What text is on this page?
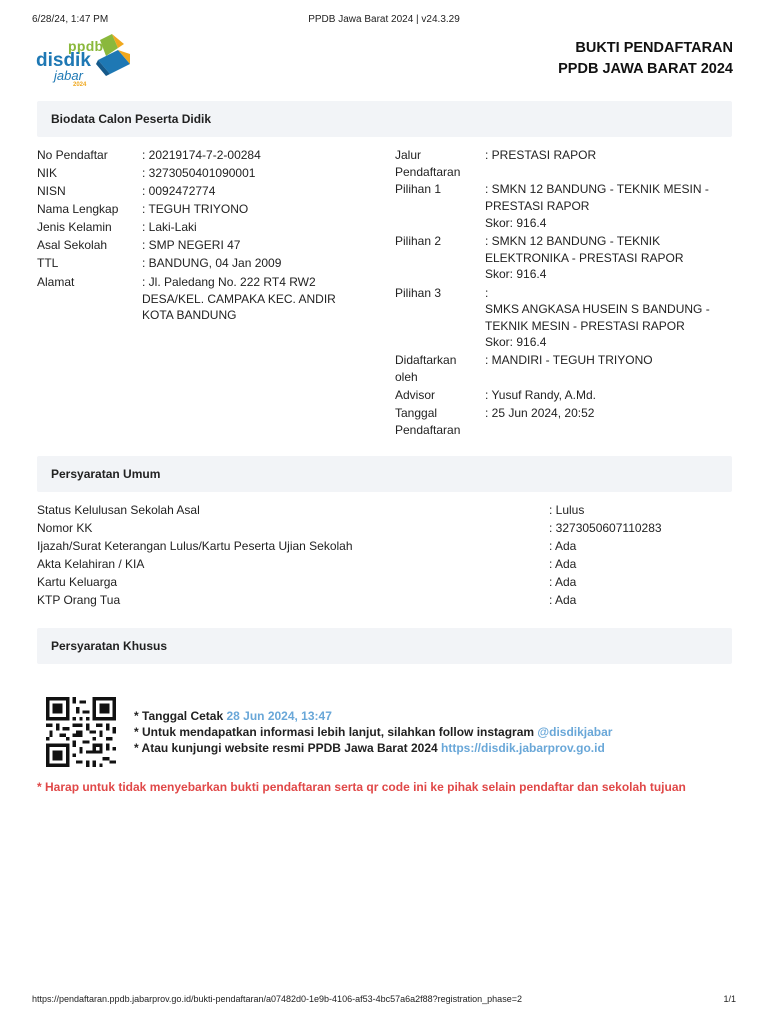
6/28/24, 1:47 PM	PPDB Jawa Barat 2024 | v24.3.29
ppdb
disdik
jabar
2024
BUKTI PENDAFTARAN
PPDB JAWA BARAT 2024
Biodata Calon Peserta Didik
No Pendaftar	: 20219174-7-2-00284
NIK	: 3273050401090001
NISN	: 0092472774
Nama Lengkap : TEGUH TRIYONO
Jenis Kelamin	: Laki-Laki
Asal Sekolah	: SMP NEGERI 47
TTL	: BANDUNG, 04 Jan 2009
Alamat	: Jl. Paledang No. 222 RT4 RW2
DESA/KEL. CAMPAKA KEC. ANDIR
KOTA BANDUNG
Jalur
Pendaftaran
: PRESTASI RAPOR
Pilihan 1	: SMKN 12 BANDUNG - TEKNIK MESIN -
PRESTASI RAPOR
Skor: 916.4
Pilihan 2	: SMKN 12 BANDUNG - TEKNIK
ELEKTRONIKA - PRESTASI RAPOR
Skor: 916.4
Pilihan 3	:
SMKS ANGKASA HUSEIN S BANDUNG -
TEKNIK MESIN - PRESTASI RAPOR
Skor: 916.4
Didaftarkan
oleh
: MANDIRI - TEGUH TRIYONO
Advisor	: Yusuf Randy, A.Md.
Tanggal
Pendaftaran
: 25 Jun 2024, 20:52
Persyaratan Umum
Status Kelulusan Sekolah Asal	: Lulus
Nomor KK	: 3273050607110283
Ijazah/Surat Keterangan Lulus/Kartu Peserta Ujian Sekolah	: Ada
Akta Kelahiran / KIA	: Ada
Kartu Keluarga	: Ada
KTP Orang Tua	: Ada
Persyaratan Khusus
* Tanggal Cetak 28 Jun 2024, 13:47
* Untuk mendapatkan informasi lebih lanjut, silahkan follow instagram @disdikjabar
* Atau kunjungi website resmi PPDB Jawa Barat 2024 https://disdik.jabarprov.go.id
* Harap untuk tidak menyebarkan bukti pendaftaran serta qr code ini ke pihak selain pendaftar dan sekolah tujuan
https://pendaftaran.ppdb.jabarprov.go.id/bukti-pendaftaran/a07482d0-1e9b-4106-af53-4bc57a6a2f88?registration_phase=2	1/1
